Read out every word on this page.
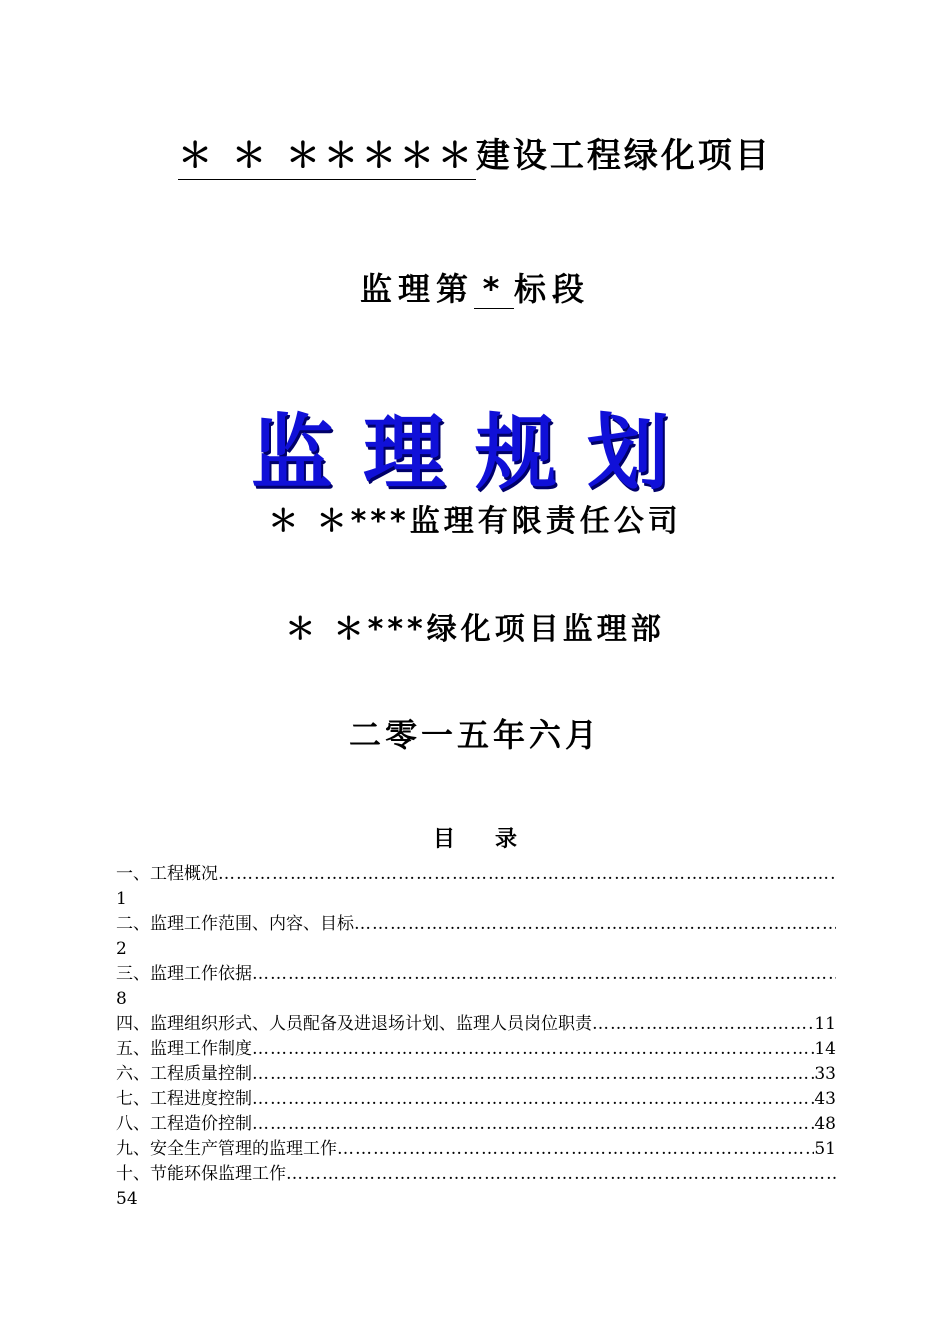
＊ ＊ ＊＊＊＊＊建设工程绿化项目
监理第 * 标段
监理规划
＊ ＊***监理有限责任公司
＊ ＊***绿化项目监理部
二零一五年六月
目录
一、工程概况
…………………………………………………………………………………………………………………………………………………………………………………………………
1
二、监理工作范围、内容、目标
…………………………………………………………………………………………………………………………………………………………………………………………………
2
三、监理工作依据
…………………………………………………………………………………………………………………………………………………………………………………………………
8
四、监理组织形式、人员配备及进退场计划、监理人员岗位职责 …………………………………………………………………………………………………………………………………………………………………………………………………	11
五、监理工作制度 …………………………………………………………………………………………………………………………………………………………………………………………………	14
六、工程质量控制 …………………………………………………………………………………………………………………………………………………………………………………………………	33
七、工程进度控制 …………………………………………………………………………………………………………………………………………………………………………………………………	43
八、工程造价控制 …………………………………………………………………………………………………………………………………………………………………………………………………	48
九、安全生产管理的监理工作 …………………………………………………………………………………………………………………………………………………………………………………………………	51
十、节能环保监理工作
…………………………………………………………………………………………………………………………………………………………………………………………………
54
